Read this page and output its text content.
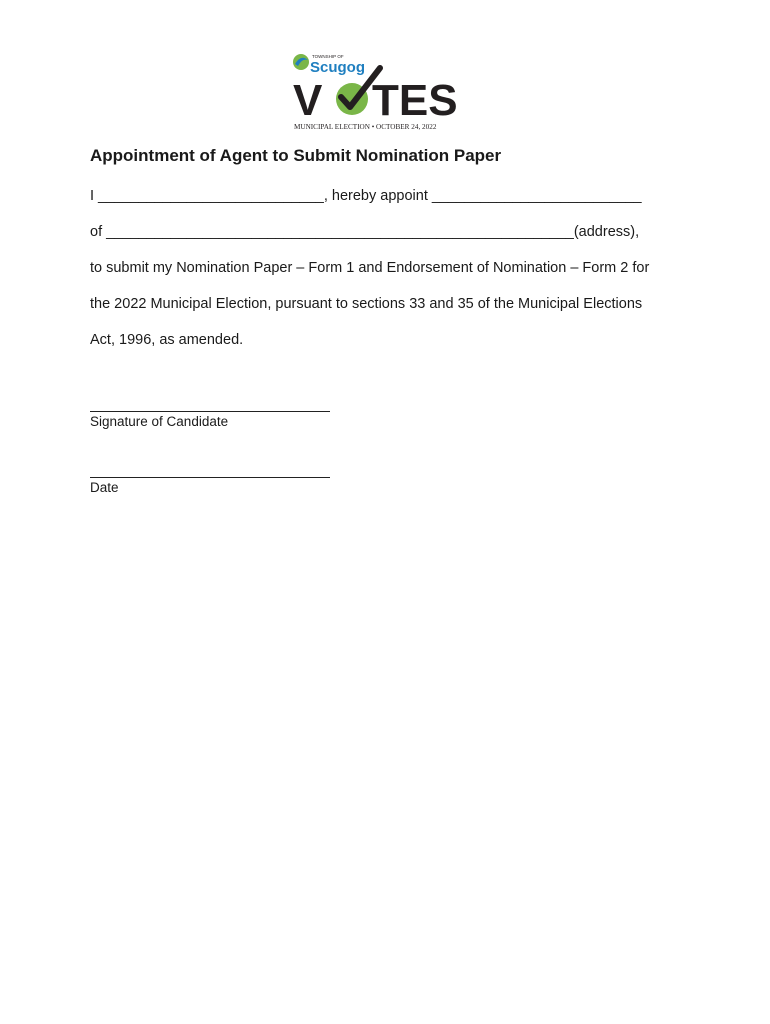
TOWNSHIP OF
Scugog
V TES
MUNICIPAL ELECTION • OCTOBER 24, 2022
Appointment of Agent to Submit Nomination Paper

I ____________________________, hereby appoint __________________________

of __________________________________________________________(address),

to submit my Nomination Paper – Form 1 and Endorsement of Nomination – Form 2 for

the 2022 Municipal Election, pursuant to sections 33 and 35 of the Municipal Elections

Act, 1996, as amended.

Signature of Candidate
Date
